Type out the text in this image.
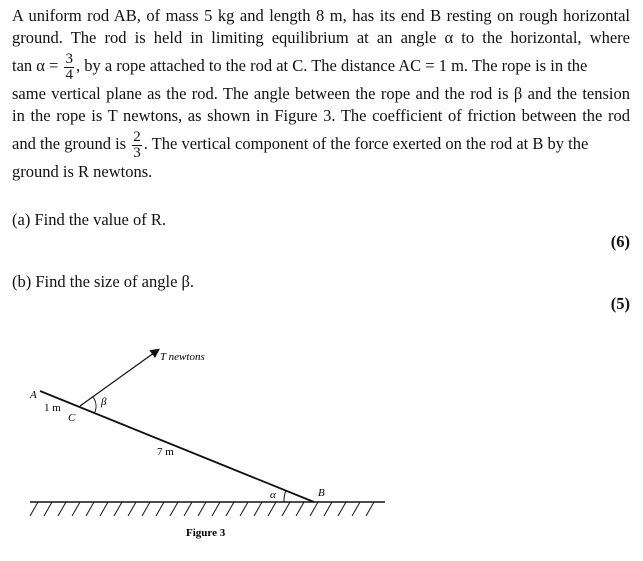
A uniform rod AB, of mass 5 kg and length 8 m, has its end B resting on rough horizontal
ground. The rod is held in limiting equilibrium at an angle α to the horizontal, where
$\tan \alpha = \frac{3}{4}$ , by a rope attached to the rod at C. The distance AC = 1 m. The rope is in the
same vertical plane as the rod. The angle between the rope and the rod is β and the tension
in the rope is T newtons, as shown in Figure 3. The coefficient of friction between the rod
and the ground is $\frac{2}{3}$ . The vertical component of the force exerted on the rod at B by the
ground is R newtons.
(a) Find the value of R.
(6)
(b) Find the size of angle β.
(5)
A
1 m
C
β
T newtons
7 m
α	B
Figure 3
